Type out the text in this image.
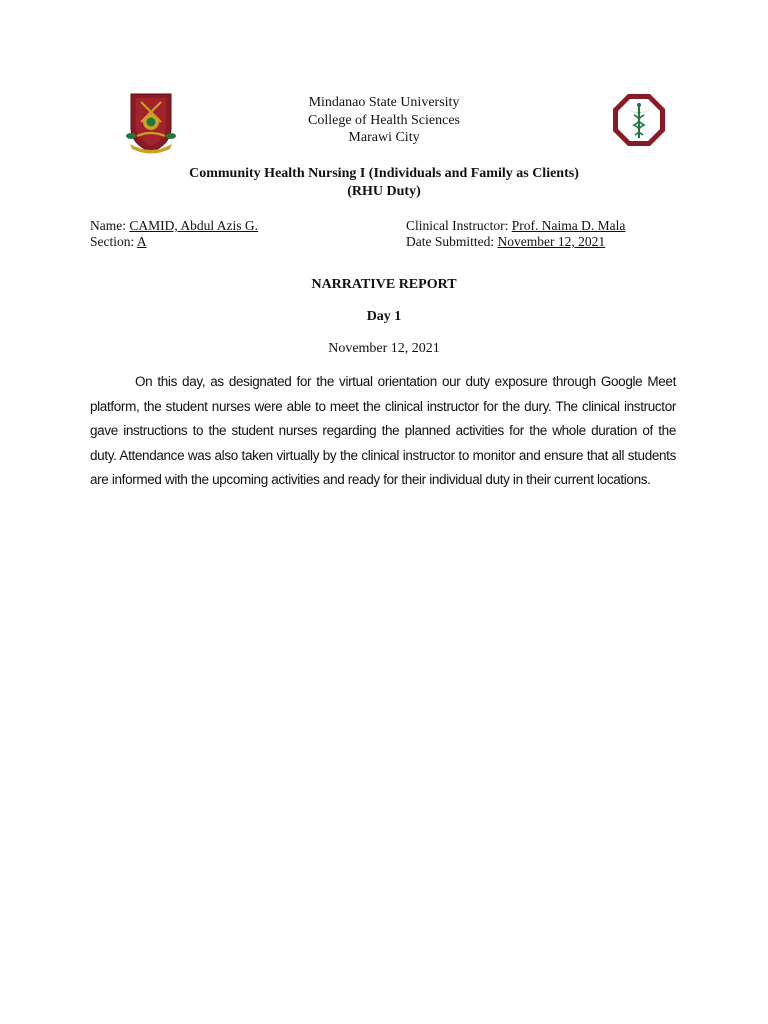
Mindanao State University
College of Health Sciences
Marawi City
Community Health Nursing I (Individuals and Family as Clients)
(RHU Duty)
Name: CAMID, Abdul Azis G.
Section: A
Clinical Instructor: Prof. Naima D. Mala
Date Submitted: November 12, 2021
NARRATIVE REPORT
Day 1
November 12, 2021
On this day, as designated for the virtual orientation our duty exposure through Google Meet platform, the student nurses were able to meet the clinical instructor for the dury. The clinical instructor gave instructions to the student nurses regarding the planned activities for the whole duration of the duty. Attendance was also taken virtually by the clinical instructor to monitor and ensure that all students are informed with the upcoming activities and ready for their individual duty in their current locations.
